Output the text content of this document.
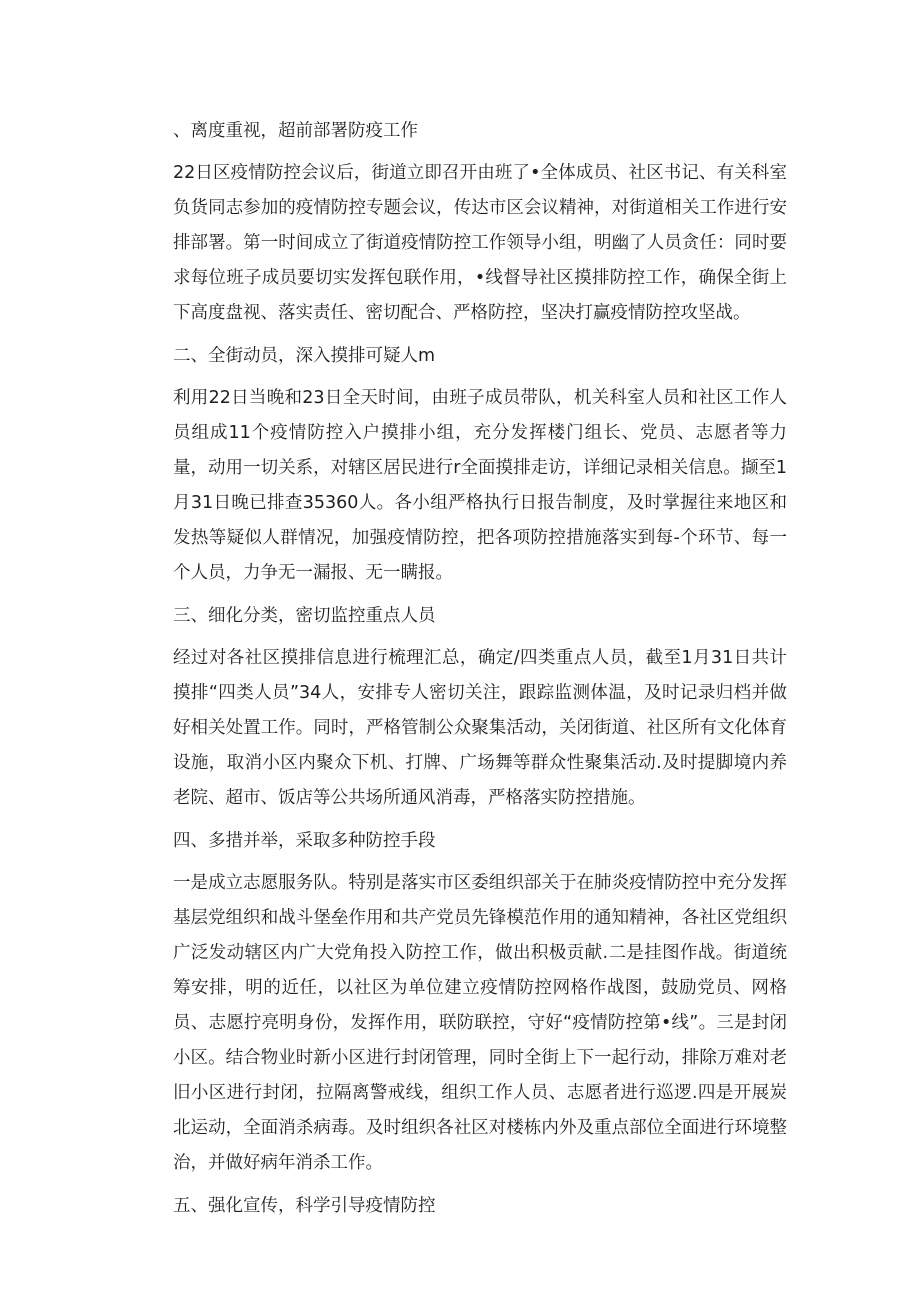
、离度重视，超前部署防疫工作

22日区疫情防控会议后，街道立即召开由班了•全体成员、社区书记、有关科室负货同志参加的疫情防控专题会议，传达市区会议精神，对街道相关工作进行安排部署。第一时间成立了街道疫情防控工作领导小组，明幽了人员贪任：同时要求每位班子成员要切实发挥包联作用，•线督导社区摸排防控工作，确保全街上下高度盘视、落实责任、密切配合、严格防控，坚决打赢疫情防控攻坚战。

二、全街动员，深入摸排可疑人m

利用22日当晚和23日全天时间，由班子成员带队，机关科室人员和社区工作人员组成11个疫情防控入户摸排小组，充分发挥楼门组长、党员、志愿者等力量，动用一切关系，对辖区居民进行r全面摸排走访，详细记录相关信息。撷至1月31日晚已排查35360人。各小组严格执行日报告制度，及时掌握往来地区和发热等疑似人群情况，加强疫情防控，把各项防控措施落实到每-个环节、每一个人员，力争无一漏报、无一瞒报。

三、细化分类，密切监控重点人员

经过对各社区摸排信息进行梳理汇总，确定/四类重点人员，截至1月31日共计摸排“四类人员”34人，安排专人密切关注，跟踪监测体温，及时记录归档并做好相关处置工作。同时，严格管制公众聚集活动，关闭街道、社区所有文化体育设施，取消小区内聚众下机、打牌、广场舞等群众性聚集活动.及时提脚境内养老院、超市、饭店等公共场所通风消毒，严格落实防控措施。

四、多措并举，采取多种防控手段

一是成立志愿服务队。特别是落实市区委组织部关于在肺炎疫情防控中充分发挥基层党组织和战斗堡垒作用和共产党员先锋模范作用的通知精神，各社区党组织广泛发动辖区内广大党角投入防控工作，做出积极贡献.二是挂图作战。街道统筹安排，明的近任，以社区为单位建立疫情防控网格作战图，鼓励党员、网格员、志愿拧亮明身份，发挥作用，联防联控，守好“疫情防控第•线”。三是封闭小区。结合物业时新小区进行封闭管理，同时全街上下一起行动，排除万难对老旧小区进行封闭，拉隔离警戒线，组织工作人员、志愿者进行巡逻.四是开展炭北运动，全面消杀病毒。及时组织各社区对楼栋内外及重点部位全面进行环境整治，并做好病年消杀工作。

五、强化宣传，科学引导疫情防控
